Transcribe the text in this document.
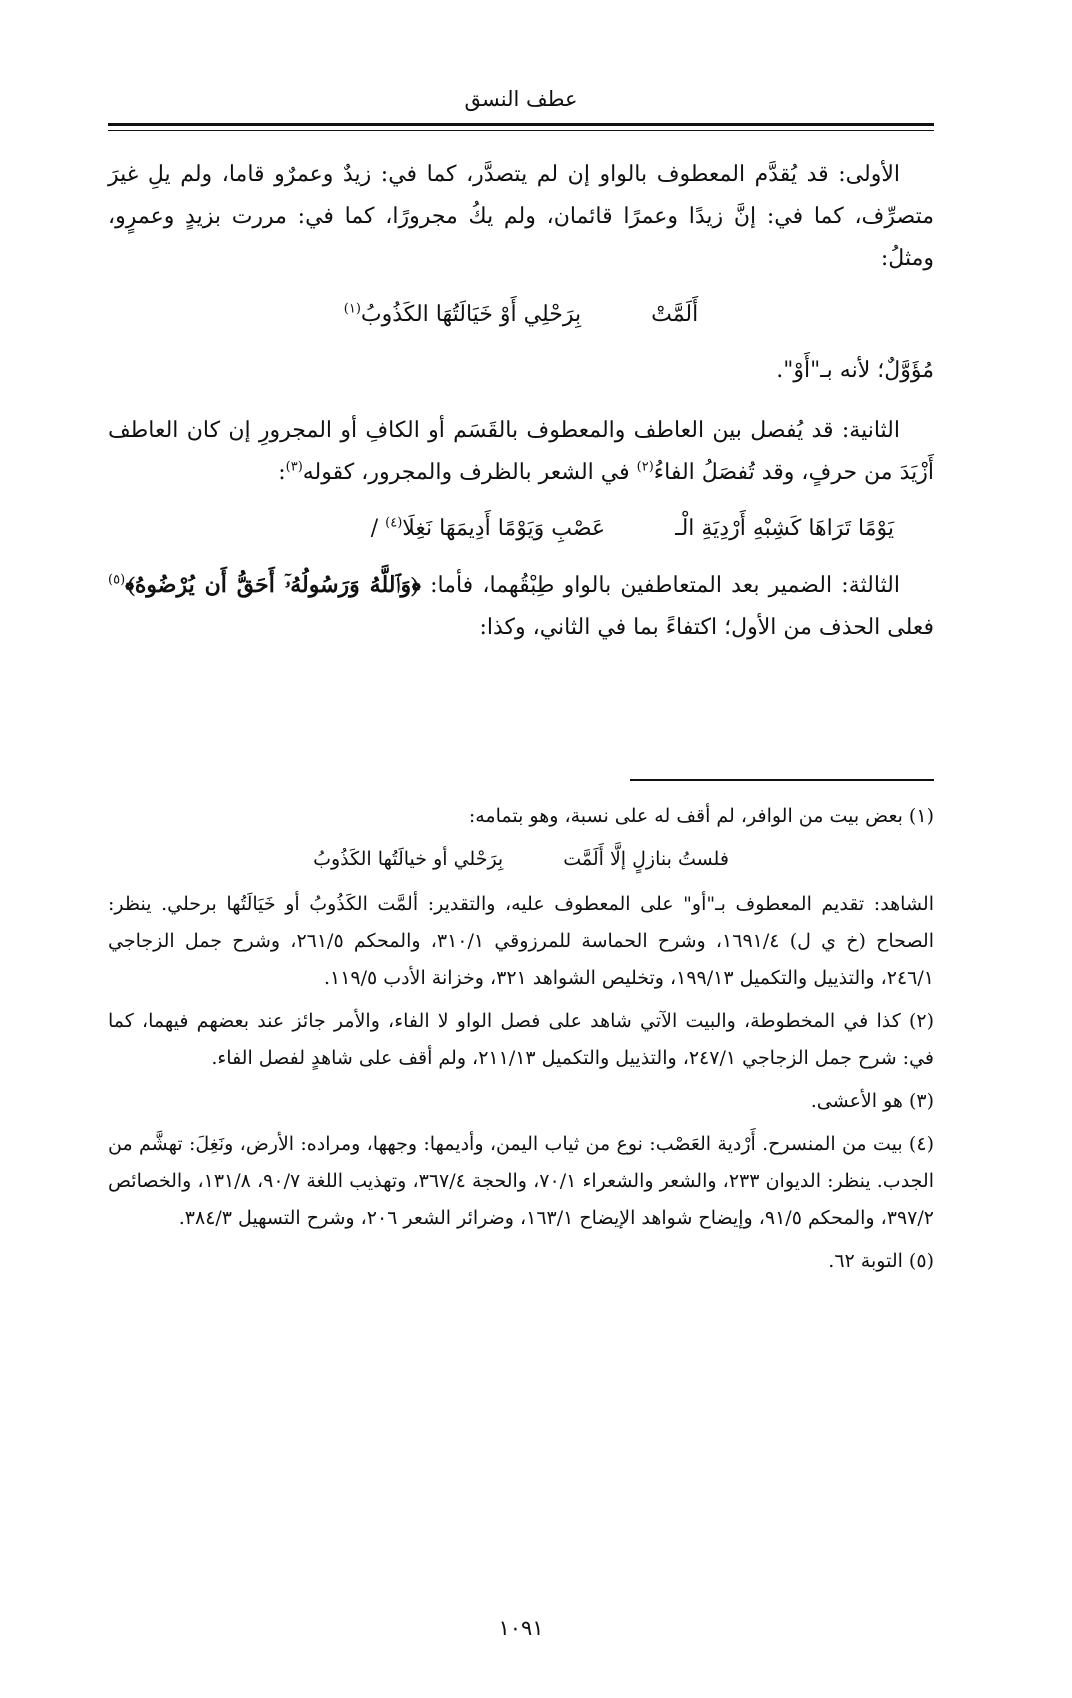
عطف النسق

الأولى: قد يُقدَّم المعطوف بالواو إن لم يتصدَّر، كما في: زيدٌ وعمرٌو قاما، ولم يلِ غيرَ متصرِّف، كما في: إنَّ زيدًا وعمرًا قائمان، ولم يكُ مجرورًا، كما في: مررت بزيدٍ وعمرٍو، ومثلُ:

أَلَمَّتْ
بِرَحْلِي أَوْ خَيَالَتُهَا الكَذُوبُ$^{(١)}$

مُؤَوَّلٌ؛ لأنه بـ"أَوْ".

الثانية: قد يُفصل بين العاطف والمعطوف بالقَسَم أو الكافِ أو المجرورِ إن كان العاطف أَزْيَدَ من حرفٍ، وقد تُفصَلُ الفاءُ$^{(٢)}$ في الشعر بالظرف والمجرور، كقوله$^{(٣)}$:

يَوْمًا تَرَاهَا كَشِبْهِ أَرْدِيَةِ الْـ
عَصْبِ وَيَوْمًا أَدِيمَهَا نَغِلَا$^{(٤)}$ /

الثالثة: الضمير بعد المتعاطفين بالواو طِبْقُهما، فأما: ﴿وَٱللَّهُ وَرَسُولُهُۥٓ أَحَقُّ أَن يُرْضُوهُ﴾$^{(٥)}$ فعلى الحذف من الأول؛ اكتفاءً بما في الثاني، وكذا:

(١) بعض بيت من الوافر، لم أقف له على نسبة، وهو بتمامه:

فلستُ بنازلٍ إلَّا أَلَمَّت
بِرَحْلي أو خيالَتُها الكَذُوبُ

الشاهد: تقديم المعطوف بـ"أو" على المعطوف عليه، والتقدير: ألمَّت الكَذُوبُ أو خَيَالَتُها برحلي. ينظر: الصحاح (خ ي ل) ١٦٩١/٤، وشرح الحماسة للمرزوقي ٣١٠/١، والمحكم ٢٦١/٥، وشرح جمل الزجاجي ٢٤٦/١، والتذييل والتكميل ١٩٩/١٣، وتخليص الشواهد ٣٢١، وخزانة الأدب ١١٩/٥.

(٢) كذا في المخطوطة، والبيت الآتي شاهد على فصل الواو لا الفاء، والأمر جائز عند بعضهم فيهما، كما في: شرح جمل الزجاجي ٢٤٧/١، والتذييل والتكميل ٢١١/١٣، ولم أقف على شاهدٍ لفصل الفاء.

(٣) هو الأعشى.

(٤) بيت من المنسرح. أَرْدية العَصْب: نوع من ثياب اليمن، وأديمها: وجهها، ومراده: الأرض، ونَغِلَ: تهشَّم من الجدب. ينظر: الديوان ٢٣٣، والشعر والشعراء ٧٠/١، والحجة ٣٦٧/٤، وتهذيب اللغة ٩٠/٧، ١٣١/٨، والخصائص ٣٩٧/٢، والمحكم ٩١/٥، وإيضاح شواهد الإيضاح ١٦٣/١، وضرائر الشعر ٢٠٦، وشرح التسهيل ٣٨٤/٣.

(٥) التوبة ٦٢.

١٠٩١
